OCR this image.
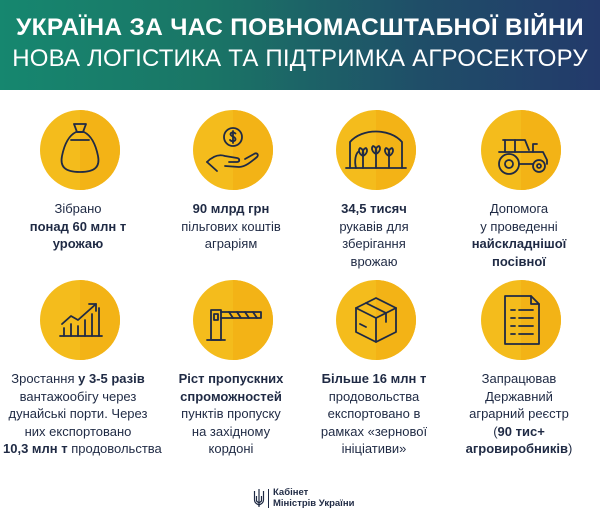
УКРАЇНА ЗА ЧАС ПОВНОМАСШТАБНОЇ ВІЙНИ
НОВА ЛОГІСТИКА ТА ПІДТРИМКА АГРОСЕКТОРУ
Зібрано
понад 60 млн т
урожаю
90 млрд грн
пільгових коштів
аграріям
34,5 тисяч
рукавів для
зберігання
врожаю
Допомога
у проведенні
найскладнішої
посівної
Зростання у 3-5 разів
вантажообігу через
дунайські порти. Через
них експортовано
10,3 млн т продовольства
Ріст пропускних
спроможностей
пунктів пропуску
на західному
кордоні
Більше 16 млн т
продовольства
експортовано в
рамках «зернової
ініціативи»
Запрацював
Державний
аграрний реєстр
(90 тис+
агровиробників)
Кабінет
Міністрів України
